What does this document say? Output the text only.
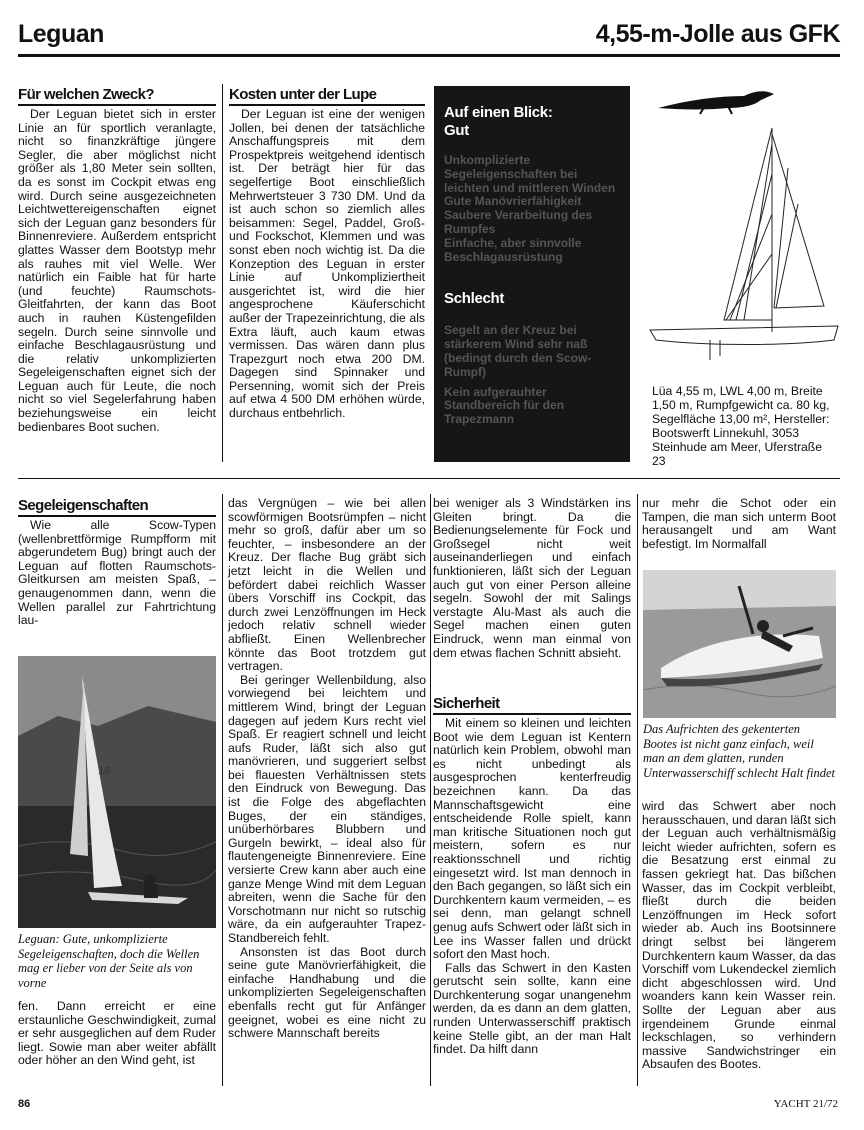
Leguan	4,55-m-Jolle aus GFK
Für welchen Zweck?

Der Leguan bietet sich in erster Linie an für sportlich veranlagte, nicht so finanzkräftige jüngere Segler, die aber möglichst nicht größer als 1,80 Meter sein sollten, da es sonst im Cockpit etwas eng wird. Durch seine ausgezeichneten Leichtwettereigenschaften eignet sich der Leguan ganz besonders für Binnenreviere. Außerdem entspricht glattes Wasser dem Bootstyp mehr als rauhes mit viel Welle. Wer natürlich ein Faible hat für harte (und feuchte) Raumschots-Gleitfahrten, der kann das Boot auch in rauhen Küstengefilden segeln. Durch seine sinnvolle und einfache Beschlagausrüstung und die relativ unkomplizierten Segeleigenschaften eignet sich der Leguan auch für Leute, die noch nicht so viel Segelerfahrung haben beziehungsweise ein leicht bedienbares Boot suchen.

Kosten unter der Lupe

Der Leguan ist eine der wenigen Jollen, bei denen der tatsächliche Anschaffungspreis mit dem Prospektpreis weitgehend identisch ist. Der beträgt hier für das segelfertige Boot einschließlich Mehrwertsteuer 3 730 DM. Und da ist auch schon so ziemlich alles beisammen: Segel, Paddel, Groß- und Fockschot, Klemmen und was sonst eben noch wichtig ist. Da die Konzeption des Leguan in erster Linie auf Unkompliziertheit ausgerichtet ist, wird die hier angesprochene Käuferschicht außer der Trapezeinrichtung, die als Extra läuft, auch kaum etwas vermissen. Das wären dann plus Trapezgurt noch etwa 200 DM. Dagegen sind Spinnaker und Persenning, womit sich der Preis auf etwa 4 500 DM erhöhen würde, durchaus entbehrlich.

Auf einen Blick:
Gut
Unkomplizierte Segeleigenschaften bei leichten und mittleren Winden
Gute Manövrierfähigkeit
Saubere Verarbeitung des Rumpfes
Einfache, aber sinnvolle Beschlagausrüstung
Schlecht
Segelt an der Kreuz bei stärkerem Wind sehr naß (bedingt durch den Scow-Rumpf)
Kein aufgerauhter Standbereich für den Trapezmann
Lüa 4,55 m, LWL 4,00 m, Breite 1,50 m, Rumpfgewicht ca. 80 kg, Segelfläche 13,00 m², Hersteller: Bootswerft Linnekuhl, 3053 Steinhude am Meer, Uferstraße 23
Segeleigenschaften

Wie alle Scow-Typen (wellenbrettförmige Rumpfform mit abgerundetem Bug) bringt auch der Leguan auf flotten Raumschots-Gleitkursen am meisten Spaß, – genaugenommen dann, wenn die Wellen parallel zur Fahrtrichtung lau-

18
Leguan: Gute, unkomplizierte Segeleigenschaften, doch die Wellen mag er lieber von der Seite als von vorne

fen. Dann erreicht er eine erstaunliche Geschwindigkeit, zumal er sehr ausgeglichen auf dem Ruder liegt. Sowie man aber weiter abfällt oder höher an den Wind geht, ist

das Vergnügen – wie bei allen scowförmigen Bootsrümpfen – nicht mehr so groß, dafür aber um so feuchter, – insbesondere an der Kreuz. Der flache Bug gräbt sich jetzt leicht in die Wellen und befördert dabei reichlich Wasser übers Vorschiff ins Cockpit, das durch zwei Lenzöffnungen im Heck jedoch relativ schnell wieder abfließt. Einen Wellenbrecher könnte das Boot trotzdem gut vertragen.

Bei geringer Wellenbildung, also vorwiegend bei leichtem und mittlerem Wind, bringt der Leguan dagegen auf jedem Kurs recht viel Spaß. Er reagiert schnell und leicht aufs Ruder, läßt sich also gut manövrieren, und suggeriert selbst bei flauesten Verhältnissen stets den Eindruck von Bewegung. Das ist die Folge des abgeflachten Buges, der ein ständiges, unüberhörbares Blubbern und Gurgeln bewirkt, – ideal also für flautengeneigte Binnenreviere. Eine versierte Crew kann aber auch eine ganze Menge Wind mit dem Leguan abreiten, wenn die Sache für den Vorschotmann nur nicht so rutschig wäre, da ein aufgerauhter Trapez-Standbereich fehlt.

Ansonsten ist das Boot durch seine gute Manövrierfähigkeit, die einfache Handhabung und die unkomplizierten Segeleigenschaften ebenfalls recht gut für Anfänger geeignet, wobei es eine nicht zu schwere Mannschaft bereits

bei weniger als 3 Windstärken ins Gleiten bringt. Da die Bedienungselemente für Fock und Großsegel nicht weit auseinanderliegen und einfach funktionieren, läßt sich der Leguan auch gut von einer Person alleine segeln. Sowohl der mit Salings verstagte Alu-Mast als auch die Segel machen einen guten Eindruck, wenn man einmal von dem etwas flachen Schnitt absieht.

Sicherheit

Mit einem so kleinen und leichten Boot wie dem Leguan ist Kentern natürlich kein Problem, obwohl man es nicht unbedingt als ausgesprochen kenterfreudig bezeichnen kann. Da das Mannschaftsgewicht eine entscheidende Rolle spielt, kann man kritische Situationen noch gut meistern, sofern es nur reaktionsschnell und richtig eingesetzt wird. Ist man dennoch in den Bach gegangen, so läßt sich ein Durchkentern kaum vermeiden, – es sei denn, man gelangt schnell genug aufs Schwert oder läßt sich in Lee ins Wasser fallen und drückt sofort den Mast hoch.

Falls das Schwert in den Kasten gerutscht sein sollte, kann eine Durchkenterung sogar unangenehm werden, da es dann an dem glatten, runden Unterwasserschiff praktisch keine Stelle gibt, an der man Halt findet. Da hilft dann

nur mehr die Schot oder ein Tampen, die man sich unterm Boot herausangelt und am Want befestigt. Im Normalfall

Das Aufrichten des gekenterten Bootes ist nicht ganz einfach, weil man an dem glatten, runden Unterwasserschiff schlecht Halt findet

wird das Schwert aber noch herausschauen, und daran läßt sich der Leguan auch verhältnismäßig leicht wieder aufrichten, sofern es die Besatzung erst einmal zu fassen gekriegt hat. Das bißchen Wasser, das im Cockpit verbleibt, fließt durch die beiden Lenzöffnungen im Heck sofort wieder ab. Auch ins Bootsinnere dringt selbst bei längerem Durchkentern kaum Wasser, da das Vorschiff vom Lukendeckel ziemlich dicht abgeschlossen wird. Und woanders kann kein Wasser rein. Sollte der Leguan aber aus irgendeinem Grunde einmal leckschlagen, so verhindern massive Sandwichstringer ein Absaufen des Bootes.

86	YACHT 21/72
